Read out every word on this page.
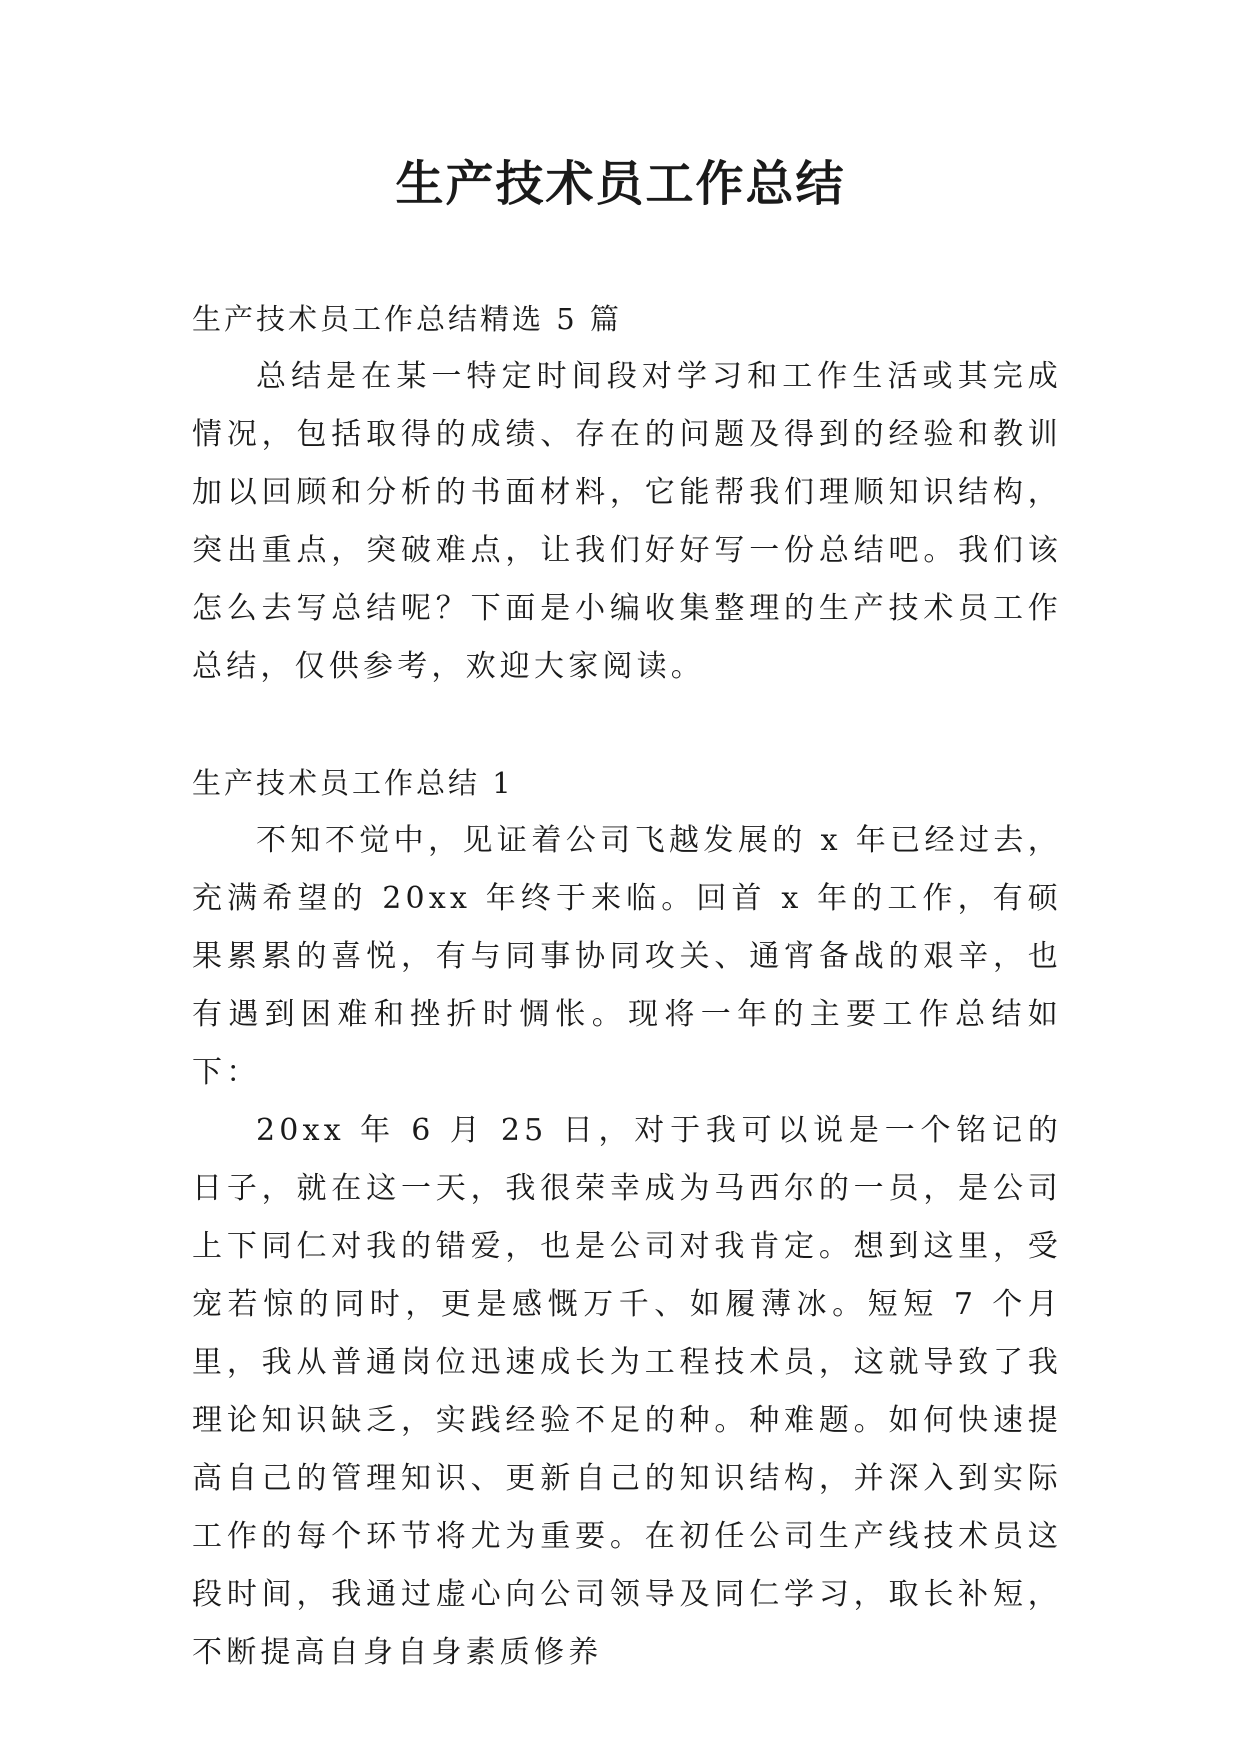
生产技术员工作总结

生产技术员工作总结精选 5 篇

总结是在某一特定时间段对学习和工作生活或其完成情况，包括取得的成绩、存在的问题及得到的经验和教训加以回顾和分析的书面材料，它能帮我们理顺知识结构，突出重点，突破难点，让我们好好写一份总结吧。我们该怎么去写总结呢？下面是小编收集整理的生产技术员工作总结，仅供参考，欢迎大家阅读。

生产技术员工作总结 1

不知不觉中，见证着公司飞越发展的 x 年已经过去，充满希望的 20xx 年终于来临。回首 x 年的工作，有硕果累累的喜悦，有与同事协同攻关、通宵备战的艰辛，也有遇到困难和挫折时惆怅。现将一年的主要工作总结如下：

20xx 年 6 月 25 日，对于我可以说是一个铭记的日子，就在这一天，我很荣幸成为马西尔的一员，是公司上下同仁对我的错爱，也是公司对我肯定。想到这里，受宠若惊的同时，更是感慨万千、如履薄冰。短短 7 个月里，我从普通岗位迅速成长为工程技术员，这就导致了我理论知识缺乏，实践经验不足的种。种难题。如何快速提高自己的管理知识、更新自己的知识结构，并深入到实际工作的每个环节将尤为重要。在初任公司生产线技术员这段时间，我通过虚心向公司领导及同仁学习，取长补短，不断提高自身自身素质修养
